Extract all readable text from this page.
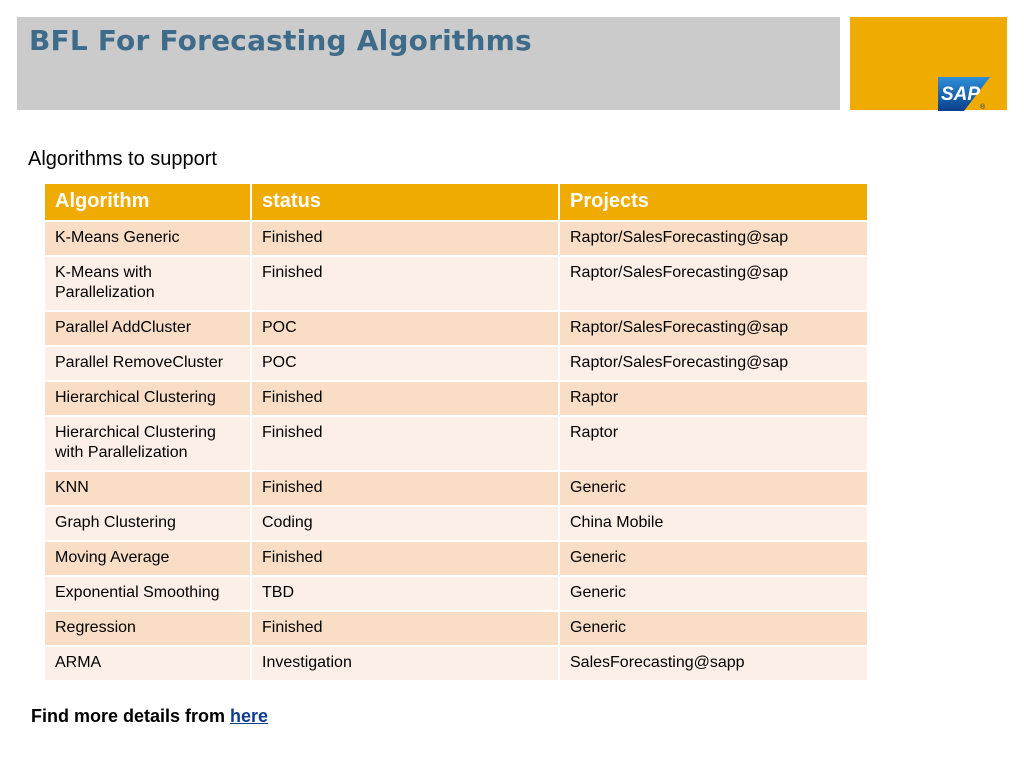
BFL For Forecasting Algorithms
SAP
®

Algorithms to support

Algorithm	status	Projects
K-Means Generic	Finished	Raptor/SalesForecasting@sap
K-Means with Parallelization	Finished	Raptor/SalesForecasting@sap
Parallel AddCluster	POC	Raptor/SalesForecasting@sap
Parallel RemoveCluster	POC	Raptor/SalesForecasting@sap
Hierarchical Clustering	Finished	Raptor
Hierarchical Clustering with Parallelization	Finished	Raptor
KNN	Finished	Generic
Graph Clustering	Coding	China Mobile
Moving Average	Finished	Generic
Exponential Smoothing	TBD	Generic
Regression	Finished	Generic
ARMA	Investigation	SalesForecasting@sapp

Find more details from here
